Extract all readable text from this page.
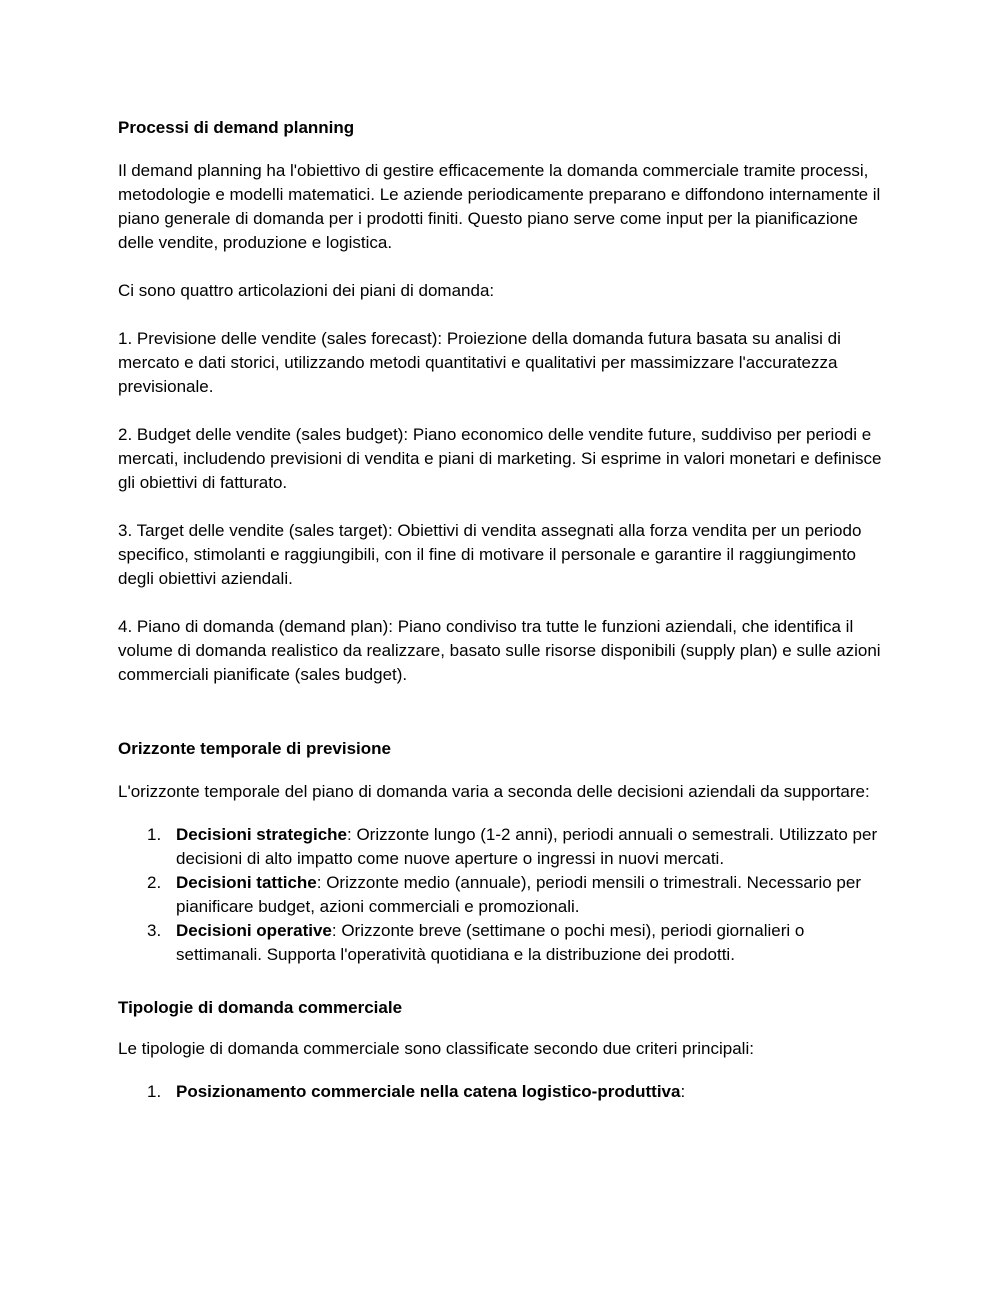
Processi di demand planning

Il demand planning ha l'obiettivo di gestire efficacemente la domanda commerciale tramite processi, metodologie e modelli matematici. Le aziende periodicamente preparano e diffondono internamente il piano generale di domanda per i prodotti finiti. Questo piano serve come input per la pianificazione delle vendite, produzione e logistica.

Ci sono quattro articolazioni dei piani di domanda:

1. Previsione delle vendite (sales forecast): Proiezione della domanda futura basata su analisi di mercato e dati storici, utilizzando metodi quantitativi e qualitativi per massimizzare l'accuratezza previsionale.

2. Budget delle vendite (sales budget): Piano economico delle vendite future, suddiviso per periodi e mercati, includendo previsioni di vendita e piani di marketing. Si esprime in valori monetari e definisce gli obiettivi di fatturato.

3. Target delle vendite (sales target): Obiettivi di vendita assegnati alla forza vendita per un periodo specifico, stimolanti e raggiungibili, con il fine di motivare il personale e garantire il raggiungimento degli obiettivi aziendali.

4. Piano di domanda (demand plan): Piano condiviso tra tutte le funzioni aziendali, che identifica il volume di domanda realistico da realizzare, basato sulle risorse disponibili (supply plan) e sulle azioni commerciali pianificate (sales budget).

Orizzonte temporale di previsione

L'orizzonte temporale del piano di domanda varia a seconda delle decisioni aziendali da supportare:

1. Decisioni strategiche: Orizzonte lungo (1-2 anni), periodi annuali o semestrali. Utilizzato per decisioni di alto impatto come nuove aperture o ingressi in nuovi mercati.
2. Decisioni tattiche: Orizzonte medio (annuale), periodi mensili o trimestrali. Necessario per pianificare budget, azioni commerciali e promozionali.
3. Decisioni operative: Orizzonte breve (settimane o pochi mesi), periodi giornalieri o settimanali. Supporta l'operatività quotidiana e la distribuzione dei prodotti.

Tipologie di domanda commerciale

Le tipologie di domanda commerciale sono classificate secondo due criteri principali:

1. Posizionamento commerciale nella catena logistico-produttiva:
